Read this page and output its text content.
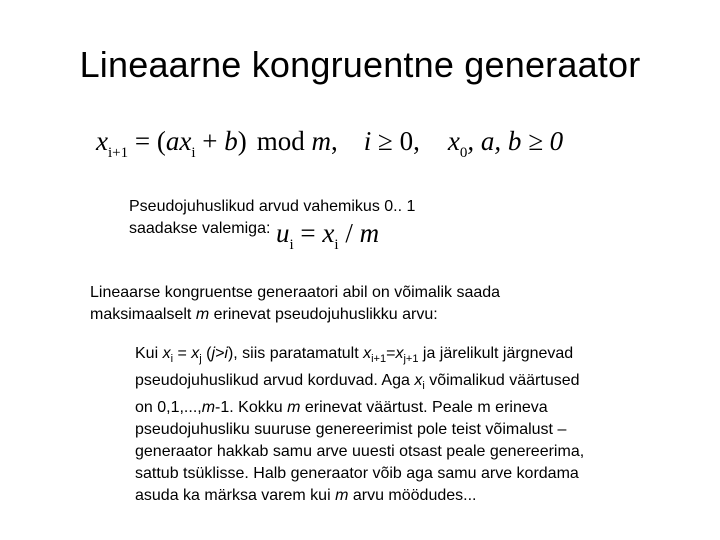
Lineaarne kongruentne generaator
$x_{i+1} = (ax_i + b)$ mod m, i ≥ 0, $x_0$, a, b ≥ 0
Pseudojuhuslikud arvud vahemikus 0.. 1
saadakse valemiga: $u_i = x_i / m$
Lineaarse kongruentse generaatori abil on võimalik saada
maksimaalselt m erinevat pseudojuhuslikku arvu:

Kui $x_i = x_j$ (j>i), siis paratamatult $x_{i+1}=x_{j+1}$ ja järelikult järgnevad

pseudojuhuslikud arvud korduvad. Aga $x_i$ võimalikud väärtused

on 0,1,...,m-1. Kokku m erinevat väärtust. Peale m erineva

pseudojuhusliku suuruse genereerimist pole teist võimalust –

generaator hakkab samu arve uuesti otsast peale genereerima,

sattub tsüklisse. Halb generaator võib aga samu arve kordama

asuda ka märksa varem kui m arvu möödudes...
